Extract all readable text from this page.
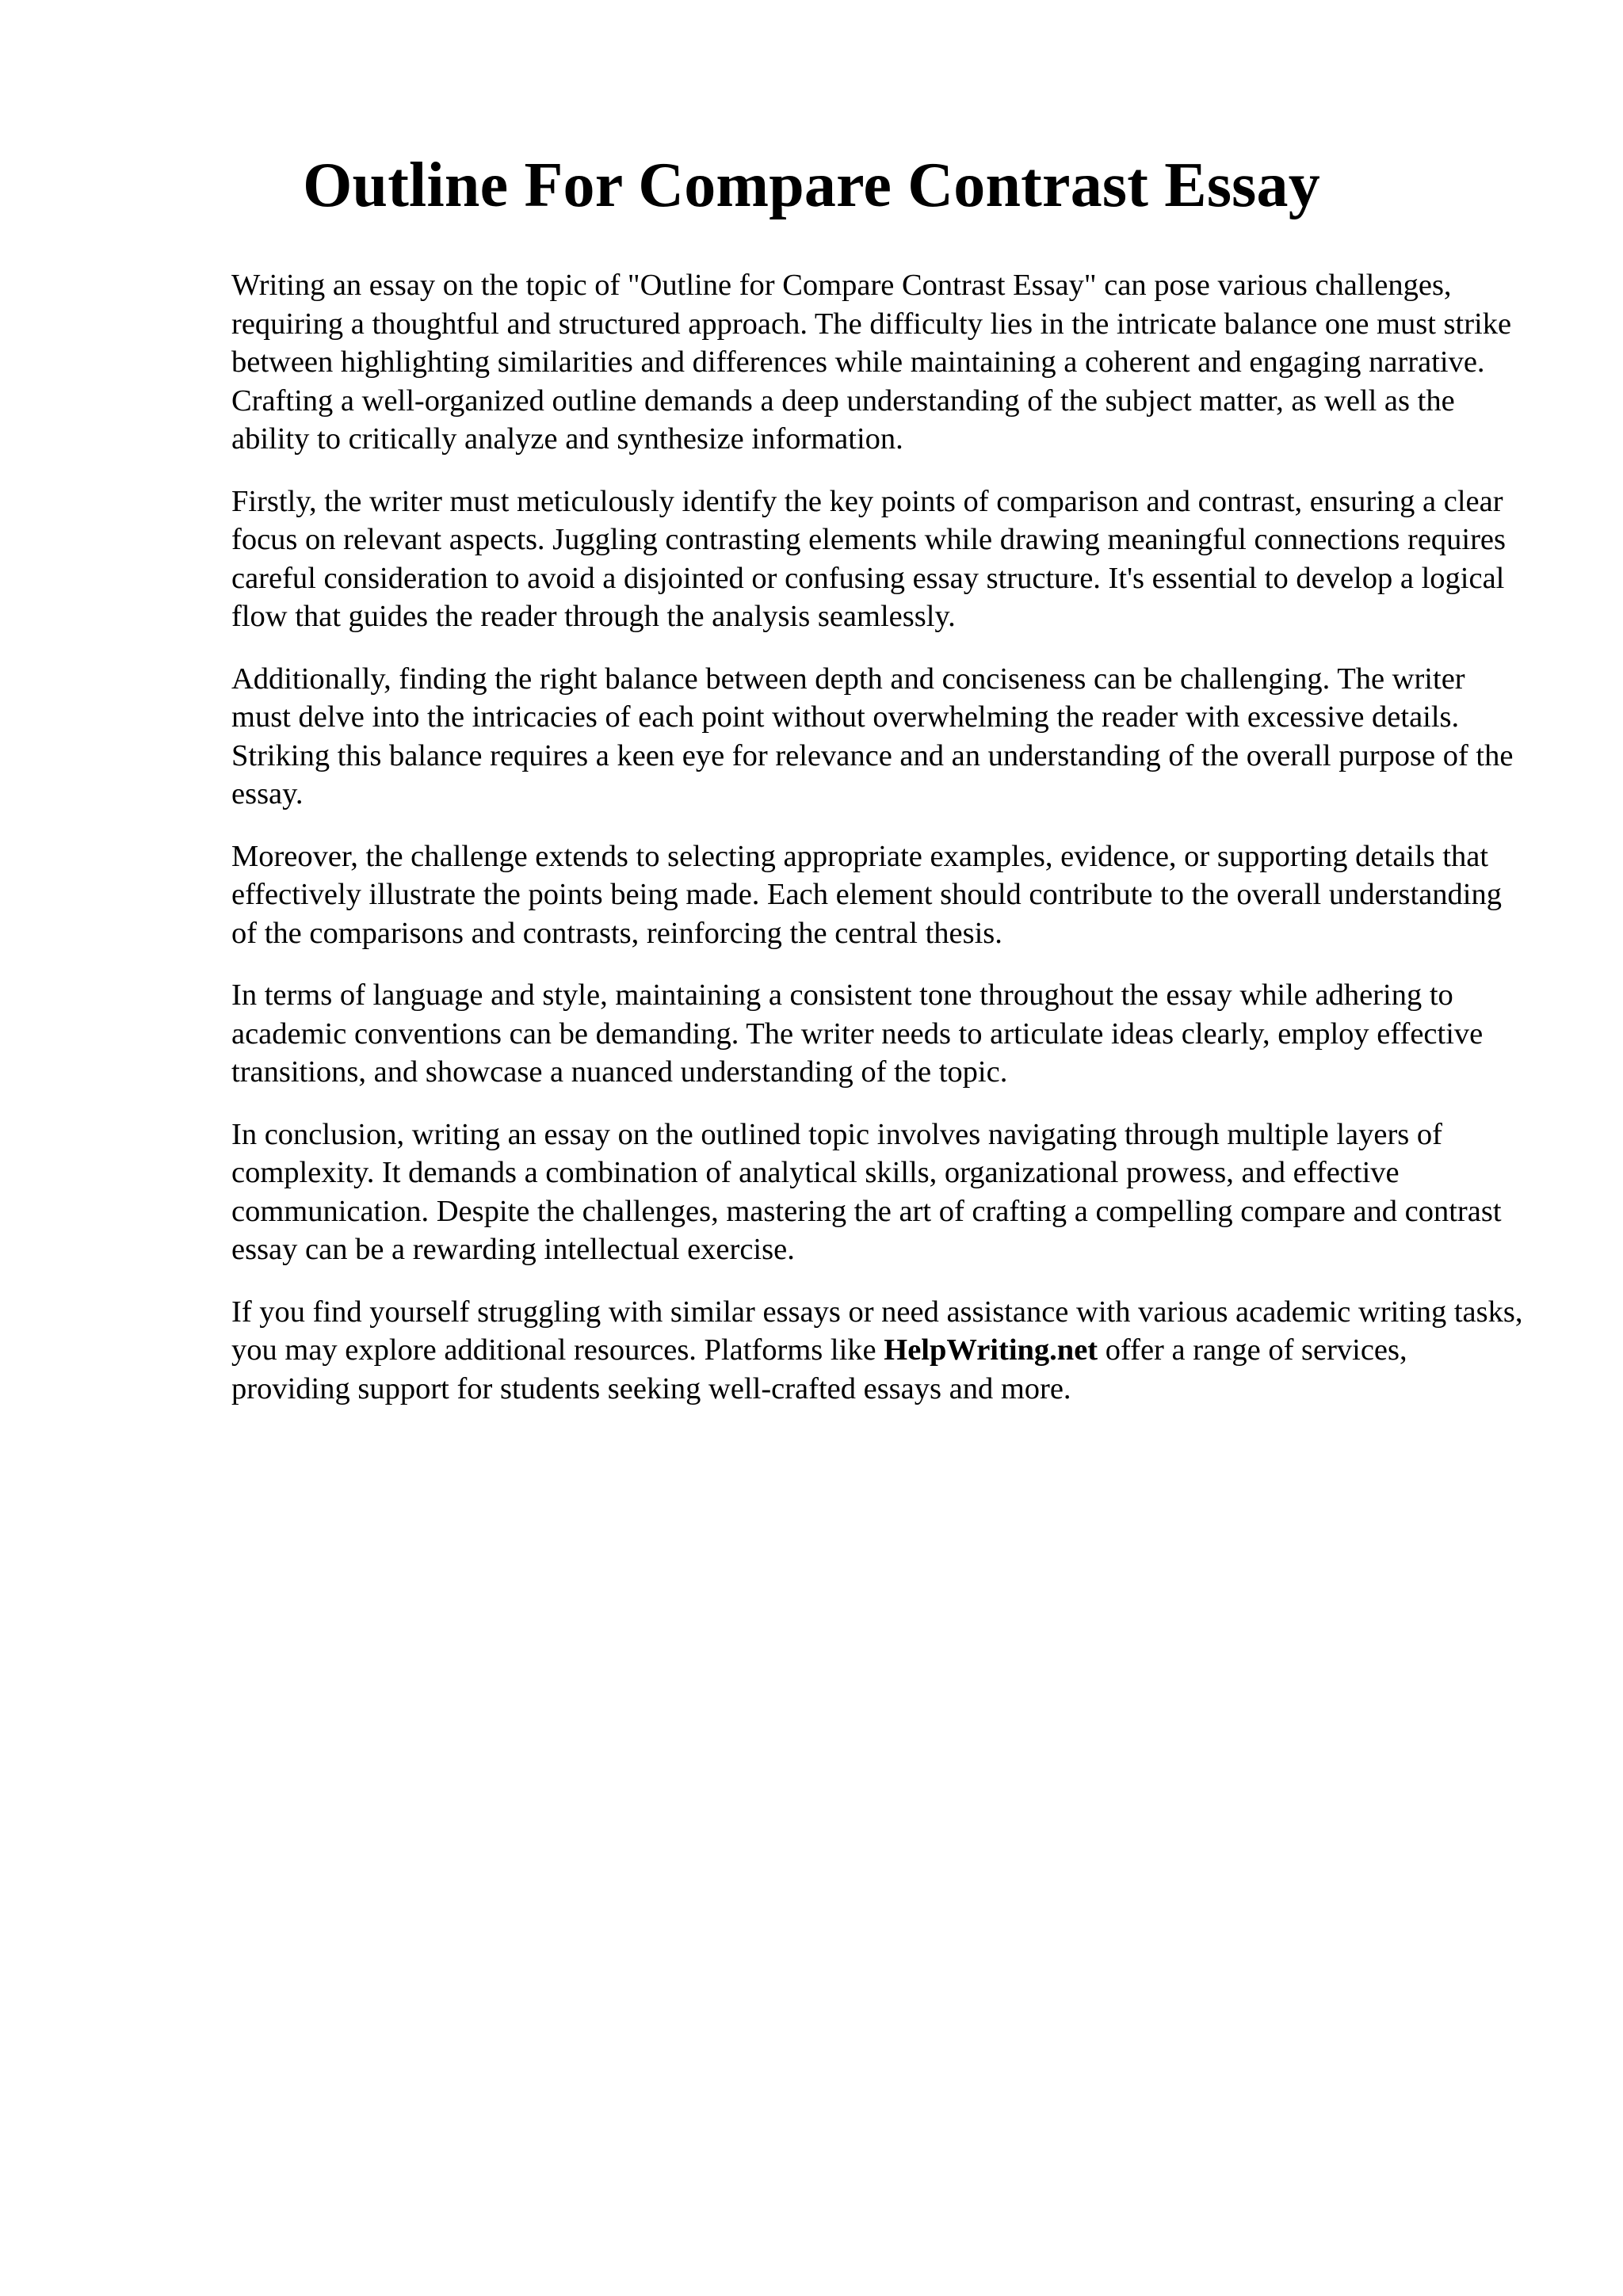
Outline For Compare Contrast Essay

Writing an essay on the topic of "Outline for Compare Contrast Essay" can pose various challenges, requiring a thoughtful and structured approach. The difficulty lies in the intricate balance one must strike between highlighting similarities and differences while maintaining a coherent and engaging narrative. Crafting a well-organized outline demands a deep understanding of the subject matter, as well as the ability to critically analyze and synthesize information.

Firstly, the writer must meticulously identify the key points of comparison and contrast, ensuring a clear focus on relevant aspects. Juggling contrasting elements while drawing meaningful connections requires careful consideration to avoid a disjointed or confusing essay structure. It's essential to develop a logical flow that guides the reader through the analysis seamlessly.

Additionally, finding the right balance between depth and conciseness can be challenging. The writer must delve into the intricacies of each point without overwhelming the reader with excessive details. Striking this balance requires a keen eye for relevance and an understanding of the overall purpose of the essay.

Moreover, the challenge extends to selecting appropriate examples, evidence, or supporting details that effectively illustrate the points being made. Each element should contribute to the overall understanding of the comparisons and contrasts, reinforcing the central thesis.

In terms of language and style, maintaining a consistent tone throughout the essay while adhering to academic conventions can be demanding. The writer needs to articulate ideas clearly, employ effective transitions, and showcase a nuanced understanding of the topic.

In conclusion, writing an essay on the outlined topic involves navigating through multiple layers of complexity. It demands a combination of analytical skills, organizational prowess, and effective communication. Despite the challenges, mastering the art of crafting a compelling compare and contrast essay can be a rewarding intellectual exercise.

If you find yourself struggling with similar essays or need assistance with various academic writing tasks, you may explore additional resources. Platforms like HelpWriting.net offer a range of services, providing support for students seeking well-crafted essays and more.
